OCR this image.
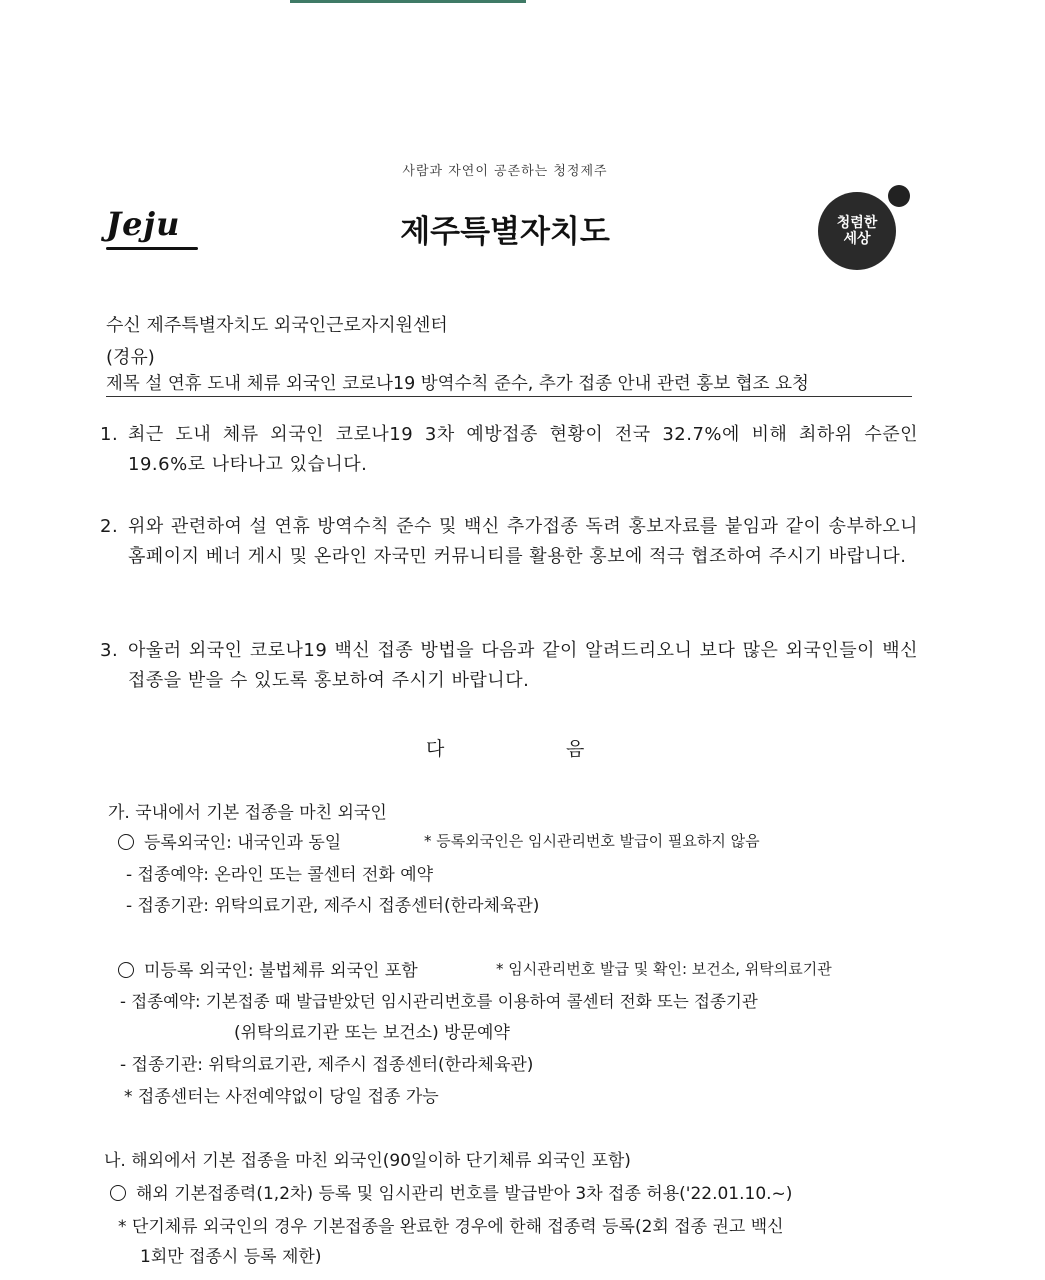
사람과 자연이 공존하는 청정제주
Jeju	제주특별자치도	청렴한 세상
수신 제주특별자치도 외국인근로자지원센터
(경유)
제목 설 연휴 도내 체류 외국인 코로나19 방역수칙 준수, 추가 접종 안내 관련 홍보 협조 요청
1. 최근 도내 체류 외국인 코로나19 3차 예방접종 현황이 전국 32.7%에 비해 최하위 수준인 19.6%로 나타나고 있습니다.
2. 위와 관련하여 설 연휴 방역수칙 준수 및 백신 추가접종 독려 홍보자료를 붙임과 같이 송부하오니 홈페이지 베너 게시 및 온라인 자국민 커뮤니티를 활용한 홍보에 적극 협조하여 주시기 바랍니다.
3. 아울러 외국인 코로나19 백신 접종 방법을 다음과 같이 알려드리오니 보다 많은 외국인들이 백신 접종을 받을 수 있도록 홍보하여 주시기 바랍니다.
다	음
가. 국내에서 기본 접종을 마친 외국인
등록외국인: 내국인과 동일	* 등록외국인은 임시관리번호 발급이 필요하지 않음
- 접종예약: 온라인 또는 콜센터 전화 예약
- 접종기관: 위탁의료기관, 제주시 접종센터(한라체육관)
미등록 외국인: 불법체류 외국인 포함	* 임시관리번호 발급 및 확인: 보건소, 위탁의료기관
- 접종예약: 기본접종 때 발급받았던 임시관리번호를 이용하여 콜센터 전화 또는 접종기관
(위탁의료기관 또는 보건소) 방문예약
- 접종기관: 위탁의료기관, 제주시 접종센터(한라체육관)
* 접종센터는 사전예약없이 당일 접종 가능
나. 해외에서 기본 접종을 마친 외국인(90일이하 단기체류 외국인 포함)
해외 기본접종력(1,2차) 등록 및 임시관리 번호를 발급받아 3차 접종 허용('22.01.10.~)
* 단기체류 외국인의 경우 기본접종을 완료한 경우에 한해 접종력 등록(2회 접종 권고 백신
1회만 접종시 등록 제한)
